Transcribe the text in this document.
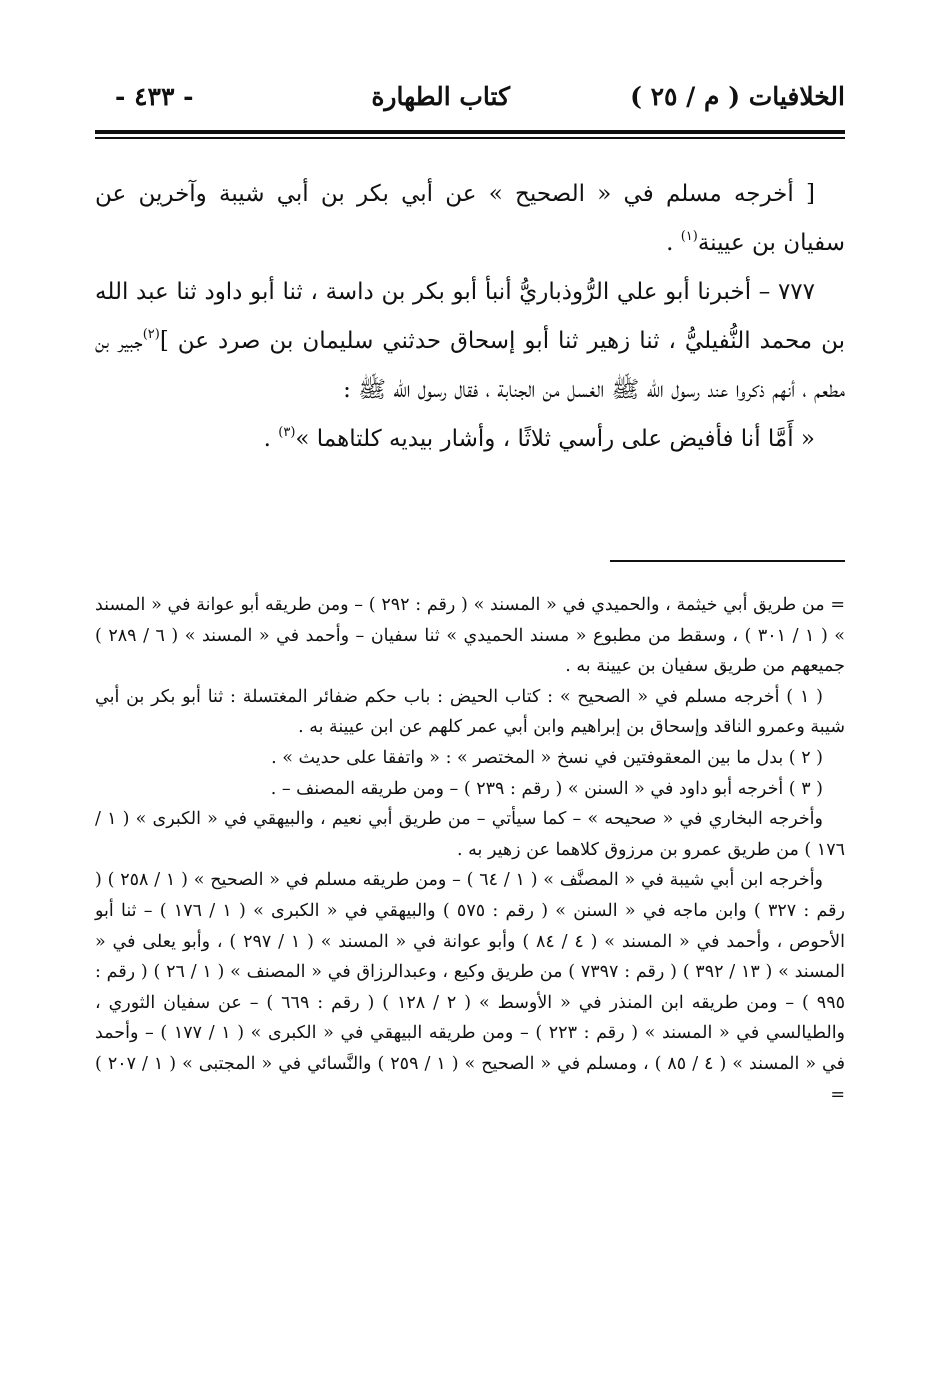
الخلافيات ( م / ٢٥ )
كتاب الطهارة
- ٤٣٣ -

[ أخرجه مسلم في « الصحيح » عن أبي بكر بن أبي شيبة وآخرين عن سفيان بن عيينة$^{(١)}$ .

٧٧٧ – أخبرنا أبو علي الرُّوذباريُّ أنبأ أبو بكر بن داسة ، ثنا أبو داود ثنا عبد الله بن محمد النُّفيليُّ ، ثنا زهير ثنا أبو إسحاق حدثني سليمان بن صرد عن ]$^{(٢)}$جبير بن مطعم ، أنهم ذكروا عند رسول الله ﷺ الغسل من الجنابة ، فقال رسول الله ﷺ :

« أَمَّا أنا فأفيض على رأسي ثلاثًا ، وأشار بيديه كلتاهما »$^{(٣)}$ .

= من طريق أبي خيثمة ، والحميدي في « المسند » ( رقم : ٢٩٢ ) – ومن طريقه أبو عوانة في « المسند » ( ١ / ٣٠١ ) ، وسقط من مطبوع « مسند الحميدي » ثنا سفيان – وأحمد في « المسند » ( ٦ / ٢٨٩ ) جميعهم من طريق سفيان بن عيينة به .

( ١ ) أخرجه مسلم في « الصحيح » : كتاب الحيض : باب حكم ضفائر المغتسلة : ثنا أبو بكر بن أبي شيبة وعمرو الناقد وإسحاق بن إبراهيم وابن أبي عمر كلهم عن ابن عيينة به .

( ٢ ) بدل ما بين المعقوفتين في نسخ « المختصر » : « واتفقا على حديث » .

( ٣ ) أخرجه أبو داود في « السنن » ( رقم : ٢٣٩ ) – ومن طريقه المصنف – .

وأخرجه البخاري في « صحيحه » – كما سيأتي – من طريق أبي نعيم ، والبيهقي في « الكبرى » ( ١ / ١٧٦ ) من طريق عمرو بن مرزوق كلاهما عن زهير به .

وأخرجه ابن أبي شيبة في « المصنَّف » ( ١ / ٦٤ ) – ومن طريقه مسلم في « الصحيح » ( ١ / ٢٥٨ ) ( رقم : ٣٢٧ ) وابن ماجه في « السنن » ( رقم : ٥٧٥ ) والبيهقي في « الكبرى » ( ١ / ١٧٦ ) – ثنا أبو الأحوص ، وأحمد في « المسند » ( ٤ / ٨٤ ) وأبو عوانة في « المسند » ( ١ / ٢٩٧ ) ، وأبو يعلى في « المسند » ( ١٣ / ٣٩٢ ) ( رقم : ٧٣٩٧ ) من طريق وكيع ، وعبدالرزاق في « المصنف » ( ١ / ٢٦ ) ( رقم : ٩٩٥ ) – ومن طريقه ابن المنذر في « الأوسط » ( ٢ / ١٢٨ ) ( رقم : ٦٦٩ ) – عن سفيان الثوري ، والطيالسي في « المسند » ( رقم : ٢٢٣ ) – ومن طريقه البيهقي في « الكبرى » ( ١ / ١٧٧ ) – وأحمد في « المسند » ( ٤ / ٨٥ ) ، ومسلم في « الصحيح » ( ١ / ٢٥٩ ) والنَّسائي في « المجتبى » ( ١ / ٢٠٧ ) =
